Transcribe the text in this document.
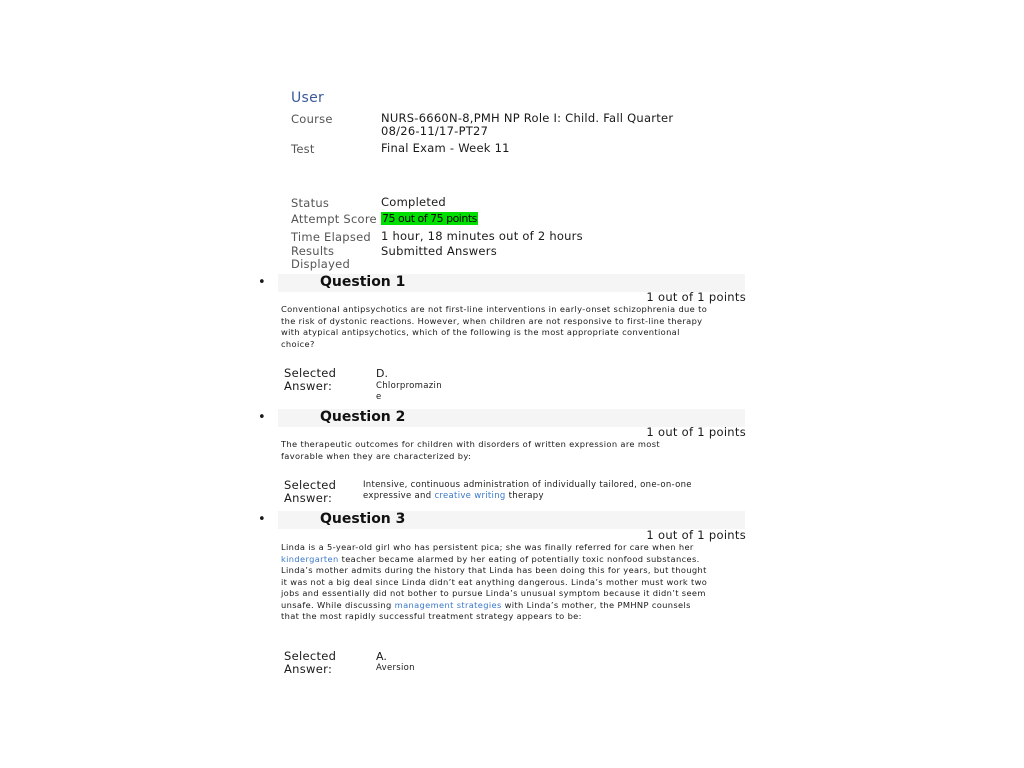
User
Course	NURS-6660N-8,PMH NP Role I: Child. Fall Quarter 08/26-11/17-PT27
Test	Final Exam - Week 11
Status	Completed
Attempt Score 75 out of 75 points
Time Elapsed 1 hour, 18 minutes out of 2 hours
Results Displayed
Submitted Answers
•	Question 1
1 out of 1 points
Conventional antipsychotics are not first-line interventions in early-onset schizophrenia due to the risk of dystonic reactions. However, when children are not responsive to first-line therapy with atypical antipsychotics, which of the following is the most appropriate conventional choice?
Selected Answer:
D.
Chlorpromazine
•	Question 2
1 out of 1 points
The therapeutic outcomes for children with disorders of written expression are most favorable when they are characterized by:
Selected Answer:
Intensive, continuous administration of individually tailored, one-on-one expressive and creative writing therapy
•	Question 3
1 out of 1 points
Linda is a 5-year-old girl who has persistent pica; she was finally referred for care when her kindergarten teacher became alarmed by her eating of potentially toxic nonfood substances. Linda’s mother admits during the history that Linda has been doing this for years, but thought it was not a big deal since Linda didn’t eat anything dangerous. Linda’s mother must work two jobs and essentially did not bother to pursue Linda’s unusual symptom because it didn’t seem unsafe. While discussing management strategies with Linda’s mother, the PMHNP counsels that the most rapidly successful treatment strategy appears to be:
Selected Answer:
A.
Aversion
